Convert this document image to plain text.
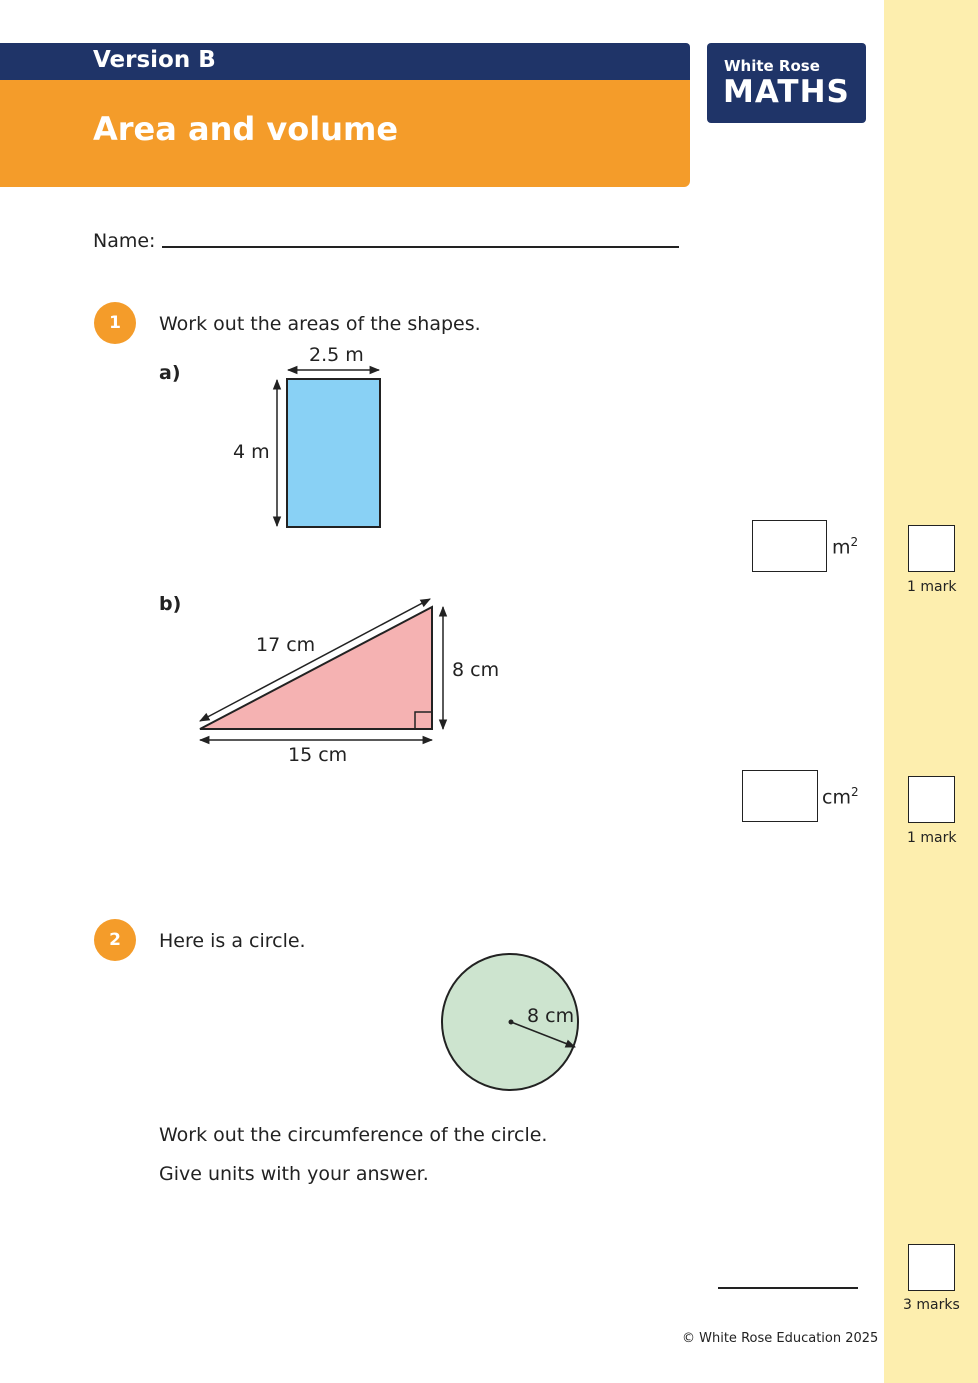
Version B
Area and volume
White Rose
MATHS
Name:
1	Work out the areas of the shapes.
a)
2.5 m
4 m
$m^2$
1 mark
b)
17 cm
8 cm
15 cm
$cm^2$
1 mark
2	Here is a circle.
8 cm
Work out the circumference of the circle.
Give units with your answer.
3 marks
© White Rose Education 2025
